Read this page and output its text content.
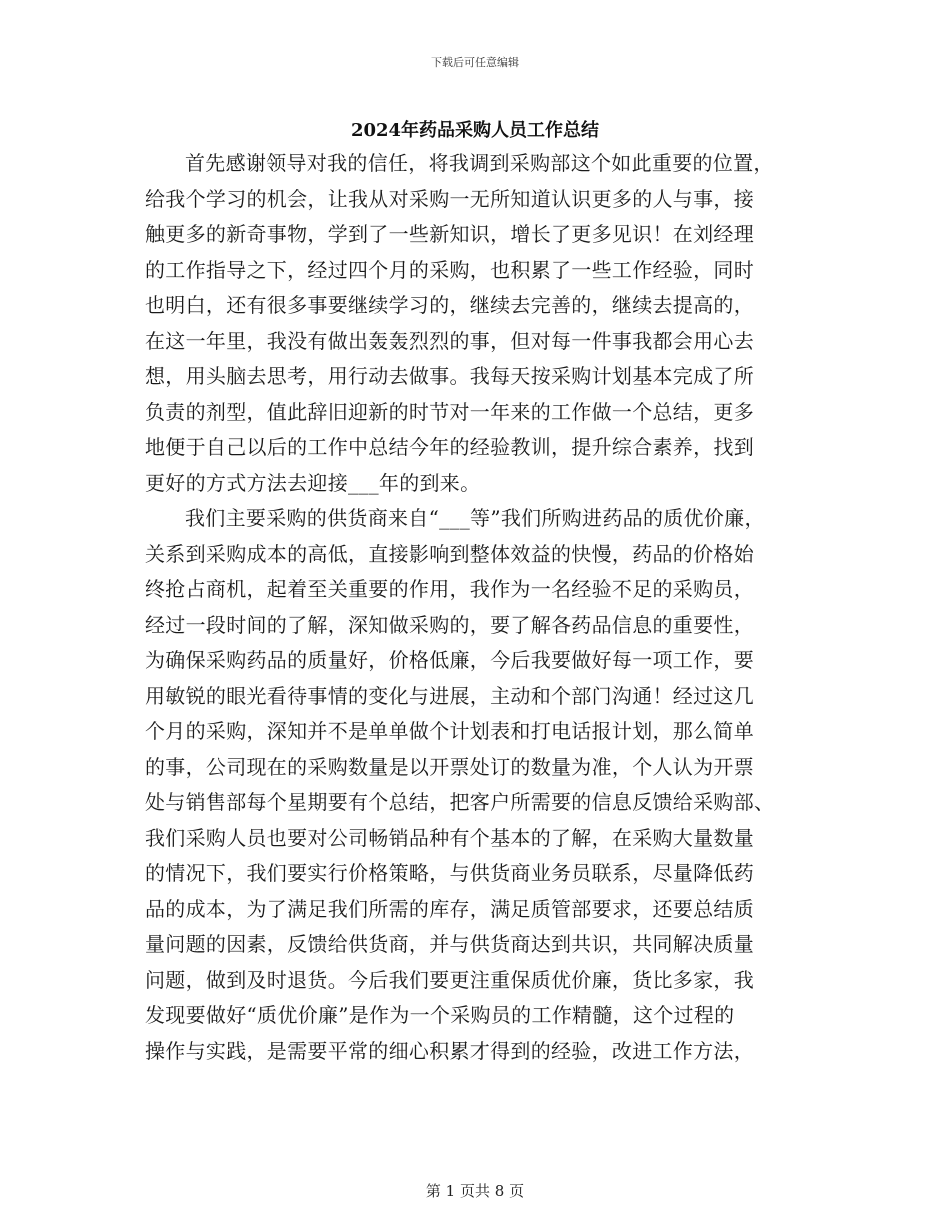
下载后可任意编辑
2024年药品采购人员工作总结
首先感谢领导对我的信任，将我调到采购部这个如此重要的位置，
给我个学习的机会，让我从对采购一无所知道认识更多的人与事，接
触更多的新奇事物，学到了一些新知识，增长了更多见识！在刘经理
的工作指导之下，经过四个月的采购，也积累了一些工作经验，同时
也明白，还有很多事要继续学习的，继续去完善的，继续去提高的，
在这一年里，我没有做出轰轰烈烈的事，但对每一件事我都会用心去
想，用头脑去思考，用行动去做事。我每天按采购计划基本完成了所
负责的剂型，值此辞旧迎新的时节对一年来的工作做一个总结，更多
地便于自己以后的工作中总结今年的经验教训，提升综合素养，找到
更好的方式方法去迎接___年的到来。
我们主要采购的供货商来自“___等”我们所购进药品的质优价廉，
关系到采购成本的高低，直接影响到整体效益的快慢，药品的价格始
终抢占商机，起着至关重要的作用，我作为一名经验不足的采购员，
经过一段时间的了解，深知做采购的，要了解各药品信息的重要性，
为确保采购药品的质量好，价格低廉，今后我要做好每一项工作，要
用敏锐的眼光看待事情的变化与进展，主动和个部门沟通！经过这几
个月的采购，深知并不是单单做个计划表和打电话报计划，那么简单
的事，公司现在的采购数量是以开票处订的数量为准，个人认为开票
处与销售部每个星期要有个总结，把客户所需要的信息反馈给采购部、
我们采购人员也要对公司畅销品种有个基本的了解，在采购大量数量
的情况下，我们要实行价格策略，与供货商业务员联系，尽量降低药
品的成本，为了满足我们所需的库存，满足质管部要求，还要总结质
量问题的因素，反馈给供货商，并与供货商达到共识，共同解决质量
问题，做到及时退货。今后我们要更注重保质优价廉，货比多家，我
发现要做好“质优价廉”是作为一个采购员的工作精髓，这个过程的
操作与实践，是需要平常的细心积累才得到的经验，改进工作方法，
第 1 页共 8 页
